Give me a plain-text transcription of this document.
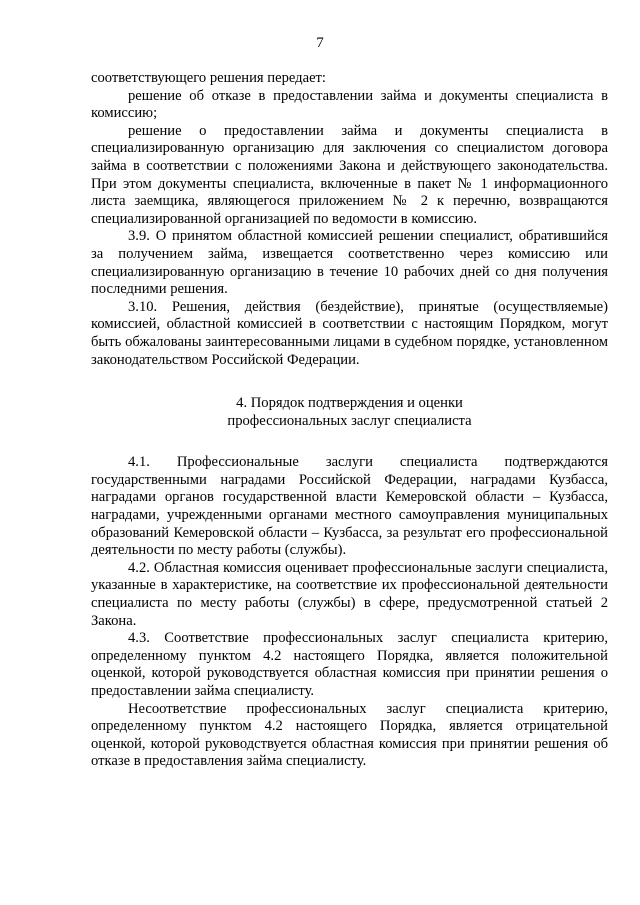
7

соответствующего решения передает:

решение об отказе в предоставлении займа и документы специалиста в комиссию;

решение о предоставлении займа и документы специалиста в специализированную организацию для заключения со специалистом договора займа в соответствии с положениями Закона и действующего законодательства. При этом документы специалиста, включенные в пакет № 1 информационного листа заемщика, являющегося приложением № 2 к перечню, возвращаются специализированной организацией по ведомости в комиссию.

3.9. О принятом областной комиссией решении специалист, обратившийся за получением займа, извещается соответственно через комиссию или специализированную организацию в течение 10 рабочих дней со дня получения последними решения.

3.10. Решения, действия (бездействие), принятые (осуществляемые) комиссией, областной комиссией в соответствии с настоящим Порядком, могут быть обжалованы заинтересованными лицами в судебном порядке, установленном законодательством Российской Федерации.

4. Порядок подтверждения и оценки
профессиональных заслуг специалиста

4.1. Профессиональные заслуги специалиста подтверждаются государственными наградами Российской Федерации, наградами Кузбасса, наградами органов государственной власти Кемеровской области – Кузбасса, наградами, учрежденными органами местного самоуправления муниципальных образований Кемеровской области – Кузбасса, за результат его профессиональной деятельности по месту работы (службы).

4.2. Областная комиссия оценивает профессиональные заслуги специалиста, указанные в характеристике, на соответствие их профессиональной деятельности специалиста по месту работы (службы) в сфере, предусмотренной статьей 2 Закона.

4.3. Соответствие профессиональных заслуг специалиста критерию, определенному пунктом 4.2 настоящего Порядка, является положительной оценкой, которой руководствуется областная комиссия при принятии решения о предоставлении займа специалисту.

Несоответствие профессиональных заслуг специалиста критерию, определенному пунктом 4.2 настоящего Порядка, является отрицательной оценкой, которой руководствуется областная комиссия при принятии решения об отказе в предоставления займа специалисту.
